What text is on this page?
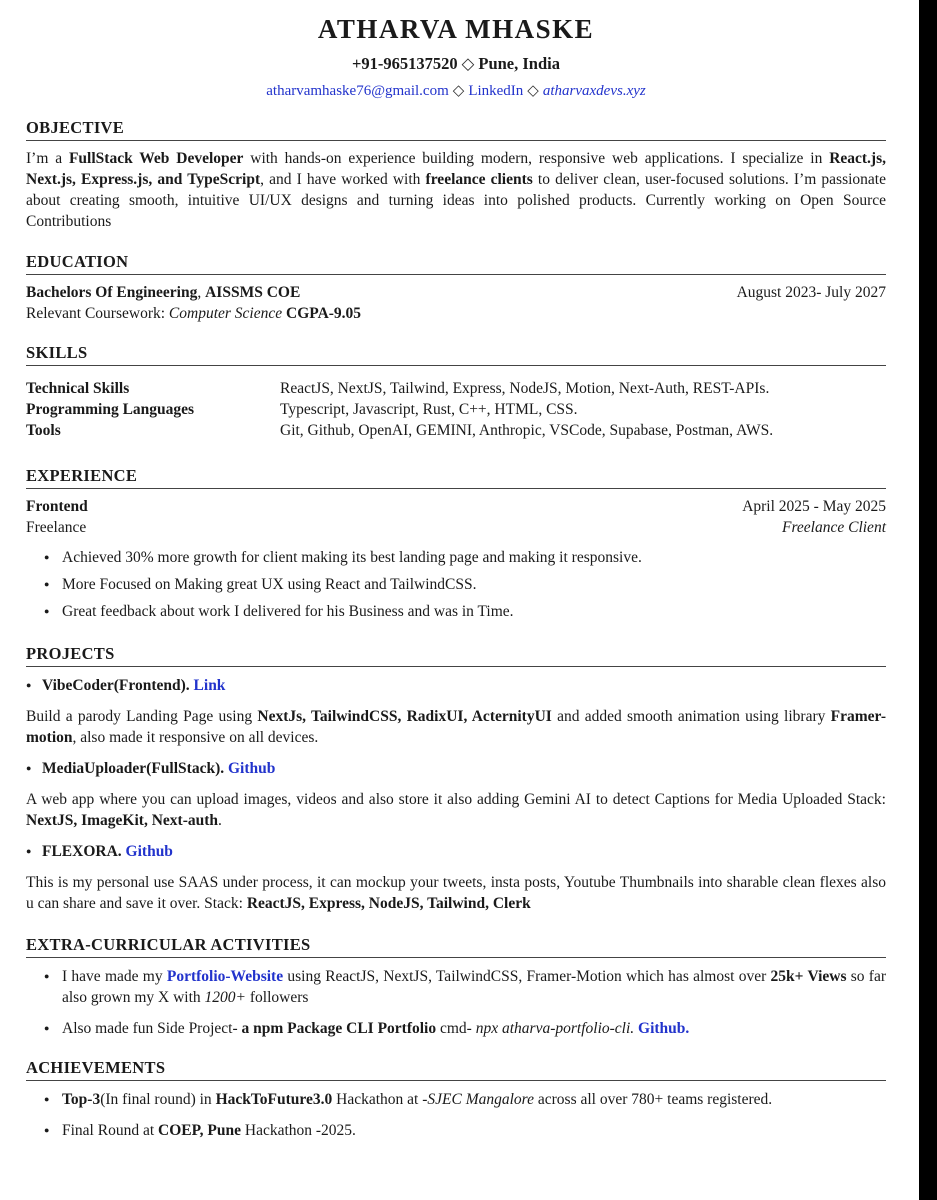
ATHARVA MHASKE
+91-965137520 ◇ Pune, India
atharvamhaske76@gmail.com ◇ LinkedIn ◇ atharvaxdevs.xyz
OBJECTIVE

I’m a FullStack Web Developer with hands-on experience building modern, responsive web applications. I specialize in React.js, Next.js, Express.js, and TypeScript, and I have worked with freelance clients to deliver clean, user-focused solutions. I’m passionate about creating smooth, intuitive UI/UX designs and turning ideas into polished products. Currently working on Open Source Contributions

EDUCATION
Bachelors Of Engineering, AISSMS COE	August 2023- July 2027
Relevant Coursework: Computer Science CGPA-9.05
SKILLS
Technical Skills	ReactJS, NextJS, Tailwind, Express, NodeJS, Motion, Next-Auth, REST-APIs.
Programming Languages	Typescript, Javascript, Rust, C++, HTML, CSS.
Tools	Git, Github, OpenAI, GEMINI, Anthropic, VSCode, Supabase, Postman, AWS.
EXPERIENCE
Frontend	April 2025 - May 2025
Freelance	Freelance Client
● Achieved 30% more growth for client making its best landing page and making it responsive.
● More Focused on Making great UX using React and TailwindCSS.
● Great feedback about work I delivered for his Business and was in Time.
PROJECTS
● VibeCoder(Frontend). Link

Build a parody Landing Page using NextJs, TailwindCSS, RadixUI, ActernityUI and added smooth animation using library Framer-motion, also made it responsive on all devices.

● MediaUploader(FullStack). Github

A web app where you can upload images, videos and also store it also adding Gemini AI to detect Captions for Media Uploaded Stack: NextJS, ImageKit, Next-auth.

● FLEXORA. Github

This is my personal use SAAS under process, it can mockup your tweets, insta posts, Youtube Thumbnails into sharable clean flexes also u can share and save it over. Stack: ReactJS, Express, NodeJS, Tailwind, Clerk

EXTRA-CURRICULAR ACTIVITIES
● I have made my Portfolio-Website using ReactJS, NextJS, TailwindCSS, Framer-Motion which has almost over 25k+ Views so far also grown my X with 1200+ followers
● Also made fun Side Project- a npm Package CLI Portfolio cmd- npx atharva-portfolio-cli. Github.
ACHIEVEMENTS
● Top-3(In final round) in HackToFuture3.0 Hackathon at -SJEC Mangalore across all over 780+ teams registered.
● Final Round at COEP, Pune Hackathon -2025.
